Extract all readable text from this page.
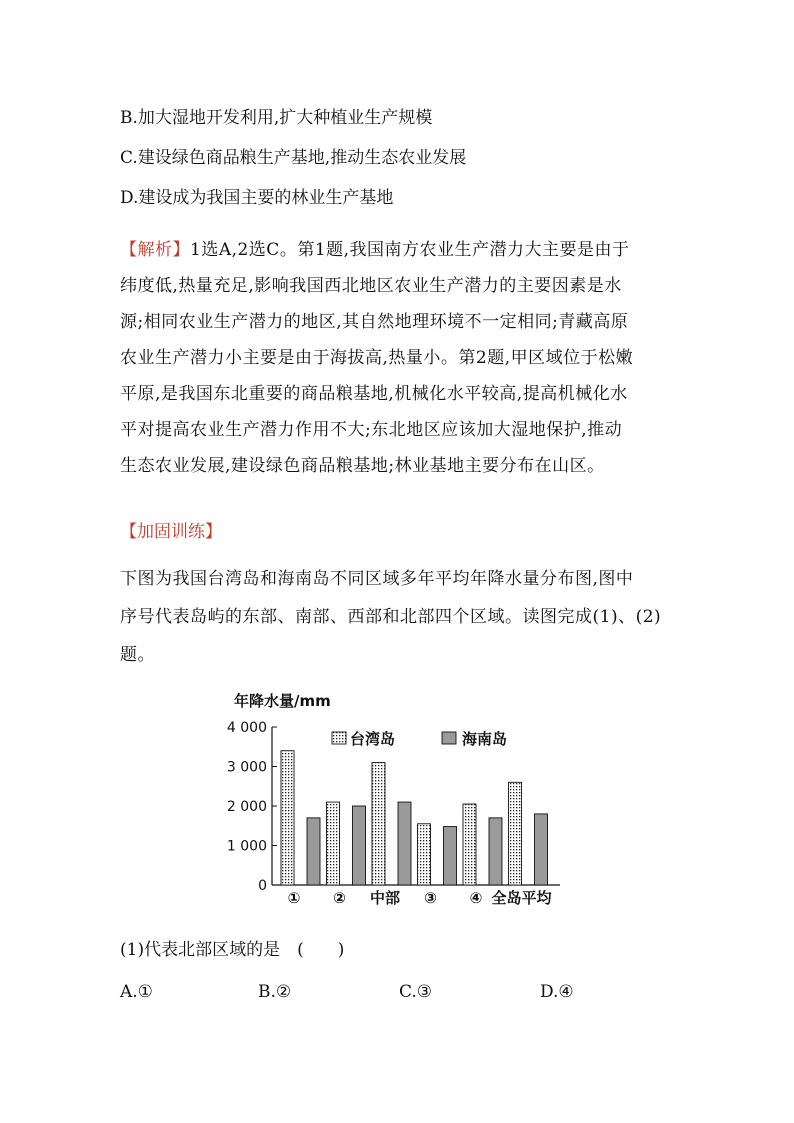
B.加大湿地开发利用,扩大种植业生产规模
C.建设绿色商品粮生产基地,推动生态农业发展
D.建设成为我国主要的林业生产基地
【解析】1选A,2选C。第1题,我国南方农业生产潜力大主要是由于
纬度低,热量充足,影响我国西北地区农业生产潜力的主要因素是水
源;相同农业生产潜力的地区,其自然地理环境不一定相同;青藏高原
农业生产潜力小主要是由于海拔高,热量小。第2题,甲区域位于松嫩
平原,是我国东北重要的商品粮基地,机械化水平较高,提高机械化水
平对提高农业生产潜力作用不大;东北地区应该加大湿地保护,推动
生态农业发展,建设绿色商品粮基地;林业基地主要分布在山区。
【加固训练】
下图为我国台湾岛和海南岛不同区域多年平均年降水量分布图,图中
序号代表岛屿的东部、南部、西部和北部四个区域。读图完成(1)、(2)
题。
年降水量/mm
0
1 000
2 000
3 000
4 000
① ② 中部 ③ ④ 全岛平均
台湾岛	海南岛
(1)代表北部区域的是　(　　)
A.①	B.②	C.③	D.④
